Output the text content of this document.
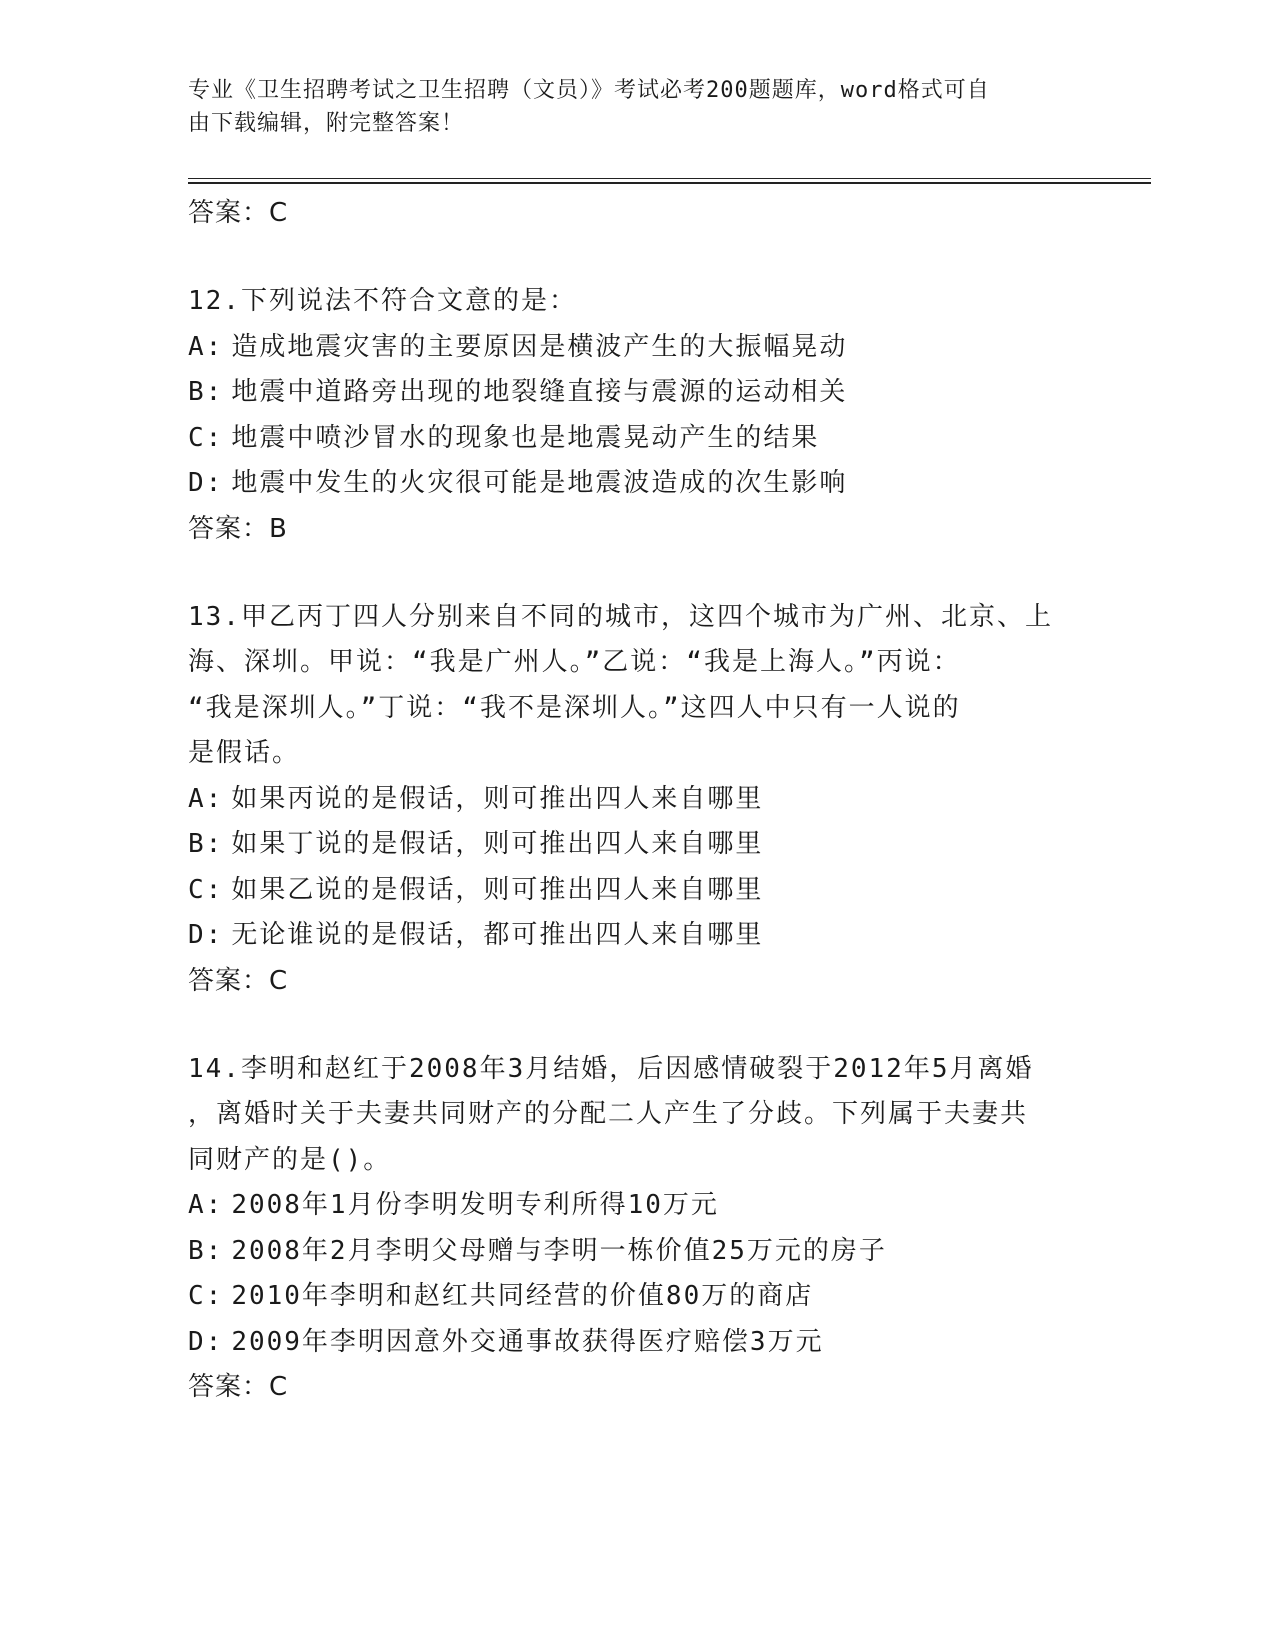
专业《卫生招聘考试之卫生招聘（文员）》考试必考200题题库，word格式可自
由下载编辑，附完整答案！
答案：C
12.下列说法不符合文意的是：
A: 造成地震灾害的主要原因是横波产生的大振幅晃动
B: 地震中道路旁出现的地裂缝直接与震源的运动相关
C: 地震中喷沙冒水的现象也是地震晃动产生的结果
D: 地震中发生的火灾很可能是地震波造成的次生影响
答案：B
13.甲乙丙丁四人分别来自不同的城市，这四个城市为广州、北京、上
海、深圳。甲说：“我是广州人。”乙说：“我是上海人。”丙说：
“我是深圳人。”丁说：“我不是深圳人。”这四人中只有一人说的
是假话。
A: 如果丙说的是假话，则可推出四人来自哪里
B: 如果丁说的是假话，则可推出四人来自哪里
C: 如果乙说的是假话，则可推出四人来自哪里
D: 无论谁说的是假话，都可推出四人来自哪里
答案：C
14.李明和赵红于2008年3月结婚，后因感情破裂于2012年5月离婚
，离婚时关于夫妻共同财产的分配二人产生了分歧。下列属于夫妻共
同财产的是()。
A: 2008年1月份李明发明专利所得10万元
B: 2008年2月李明父母赠与李明一栋价值25万元的房子
C: 2010年李明和赵红共同经营的价值80万的商店
D: 2009年李明因意外交通事故获得医疗赔偿3万元
答案：C
